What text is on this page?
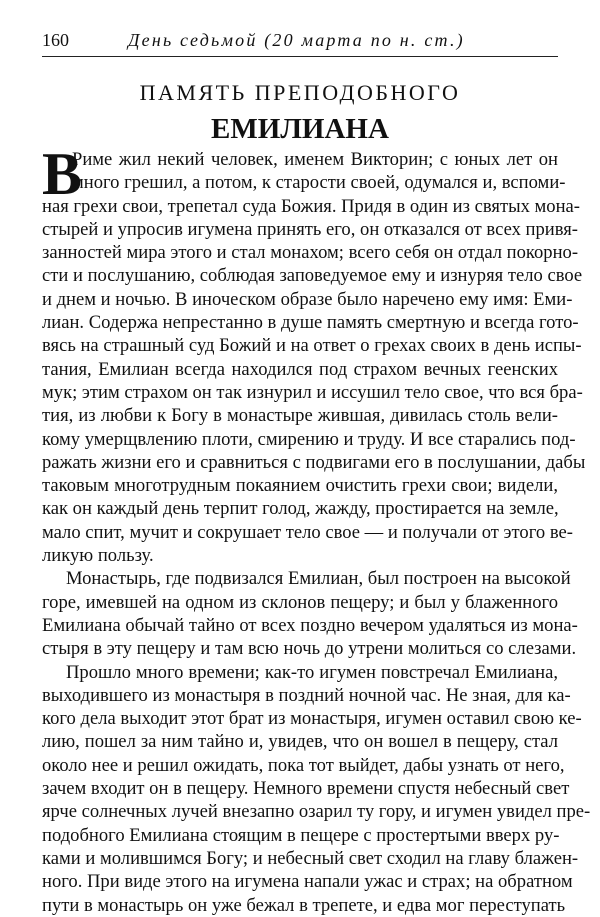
160	День седьмой (20 марта по н. ст.)
ПАМЯТЬ ПРЕПОДОБНОГО
ЕМИЛИАНА
В
Риме жил некий человек, именем Викторин; с юных лет он
много грешил, а потом, к старости своей, одумался и, вспоми-
ная грехи свои, трепетал суда Божия. Придя в один из святых мона-
стырей и упросив игумена принять его, он отказался от всех привя-
занностей мира этого и стал монахом; всего себя он отдал покорно-
сти и послушанию, соблюдая заповедуемое ему и изнуряя тело свое
и днем и ночью. В иноческом образе было наречено ему имя: Еми-
лиан. Содержа непрестанно в душе память смертную и всегда гото-
вясь на страшный суд Божий и на ответ о грехах своих в день испы-
тания, Емилиан всегда находился под страхом вечных геенских
мук; этим страхом он так изнурил и иссушил тело свое, что вся бра-
тия, из любви к Богу в монастыре жившая, дивилась столь вели-
кому умерщвлению плоти, смирению и труду. И все старались под-
ражать жизни его и сравниться с подвигами его в послушании, дабы
таковым многотрудным покаянием очистить грехи свои; видели,
как он каждый день терпит голод, жажду, простирается на земле,
мало спит, мучит и сокрушает тело свое — и получали от этого ве-
ликую пользу.
Монастырь, где подвизался Емилиан, был построен на высокой
горе, имевшей на одном из склонов пещеру; и был у блаженного
Емилиана обычай тайно от всех поздно вечером удаляться из мона-
стыря в эту пещеру и там всю ночь до утрени молиться со слезами.
Прошло много времени; как-то игумен повстречал Емилиана,
выходившего из монастыря в поздний ночной час. Не зная, для ка-
кого дела выходит этот брат из монастыря, игумен оставил свою ке-
лию, пошел за ним тайно и, увидев, что он вошел в пещеру, стал
около нее и решил ожидать, пока тот выйдет, дабы узнать от него,
зачем входит он в пещеру. Немного времени спустя небесный свет
ярче солнечных лучей внезапно озарил ту гору, и игумен увидел пре-
подобного Емилиана стоящим в пещере с простертыми вверх ру-
ками и молившимся Богу; и небесный свет сходил на главу блажен-
ного. При виде этого на игумена напали ужас и страх; на обратном
пути в монастырь он уже бежал в трепете, и едва мог переступать
